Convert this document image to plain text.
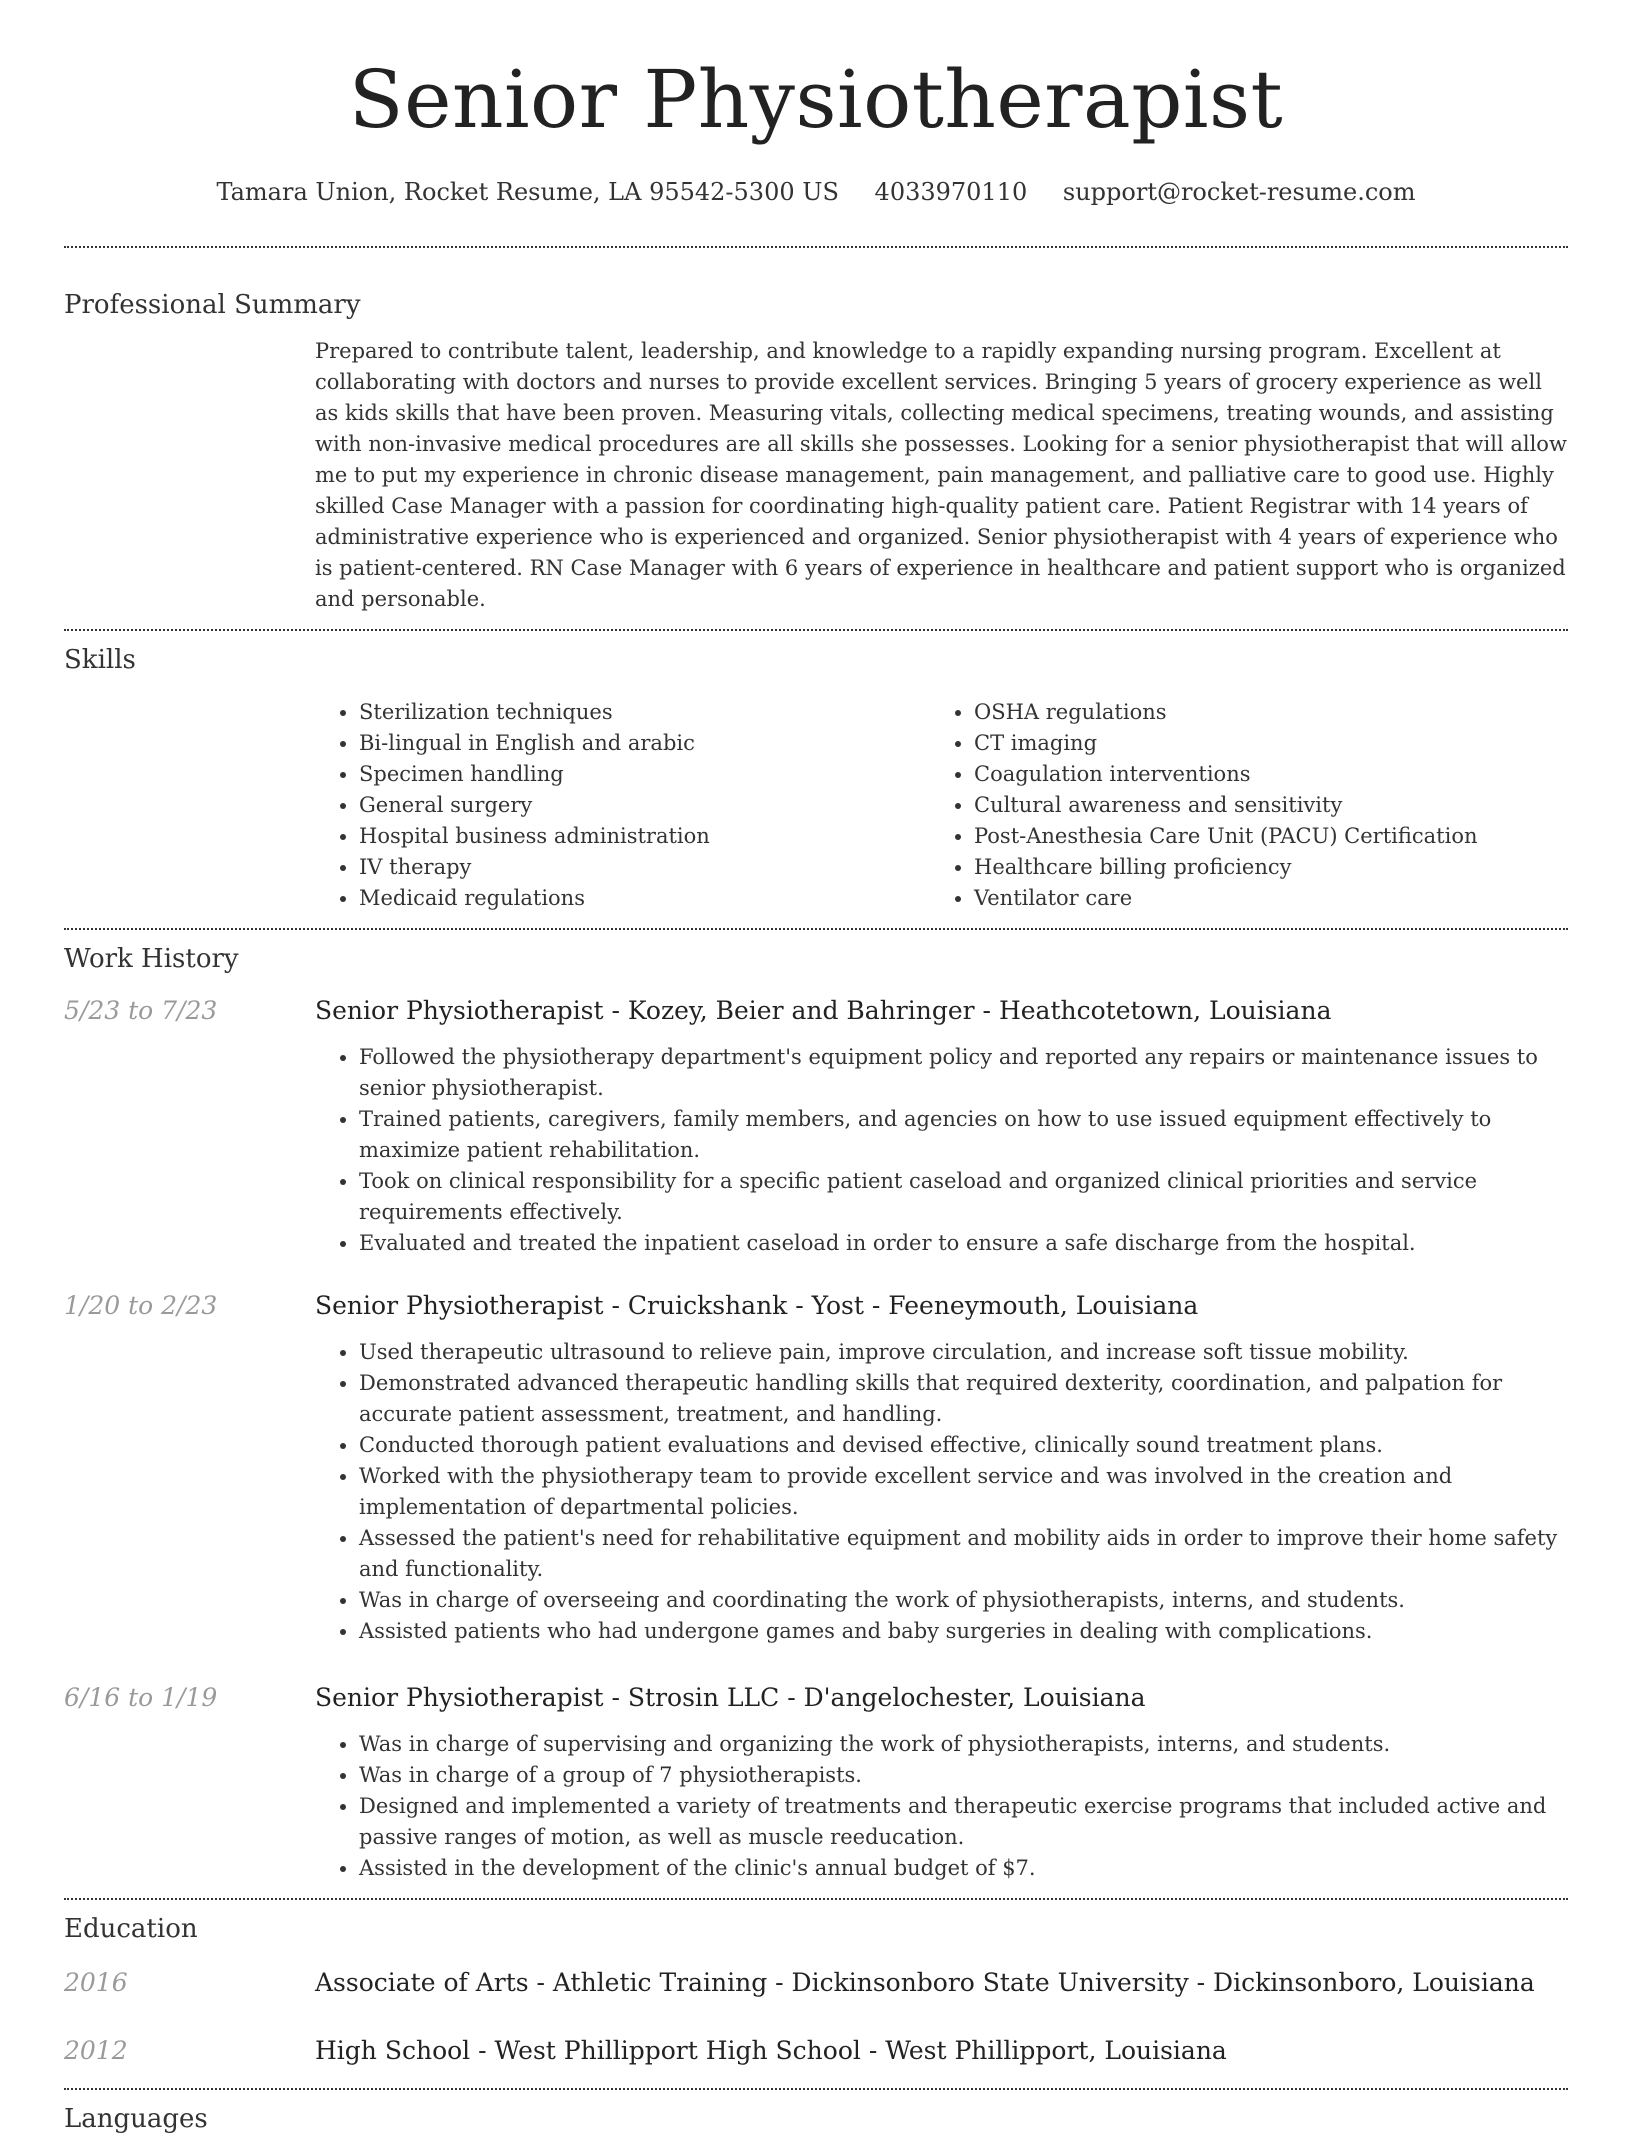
Senior Physiotherapist
Tamara Union, Rocket Resume, LA 95542-5300 US 4033970110 support@rocket-resume.com
Professional Summary

Prepared to contribute talent, leadership, and knowledge to a rapidly expanding nursing program. Excellent at collaborating with doctors and nurses to provide excellent services. Bringing 5 years of grocery experience as well as kids skills that have been proven. Measuring vitals, collecting medical specimens, treating wounds, and assisting with non-invasive medical procedures are all skills she possesses. Looking for a senior physiotherapist that will allow me to put my experience in chronic disease management, pain management, and palliative care to good use. Highly skilled Case Manager with a passion for coordinating high-quality patient care. Patient Registrar with 14 years of administrative experience who is experienced and organized. Senior physiotherapist with 4 years of experience who is patient-centered. RN Case Manager with 6 years of experience in healthcare and patient support who is organized and personable.

Skills
• Sterilization techniques
• Bi-lingual in English and arabic
• Specimen handling
• General surgery
• Hospital business administration
• IV therapy
• Medicaid regulations
• OSHA regulations
• CT imaging
• Coagulation interventions
• Cultural awareness and sensitivity
• Post-Anesthesia Care Unit (PACU) Certification
• Healthcare billing proficiency
• Ventilator care
Work History
5/23 to 7/23	Senior Physiotherapist - Kozey, Beier and Bahringer - Heathcotetown, Louisiana
• Followed the physiotherapy department's equipment policy and reported any repairs or maintenance issues to senior physiotherapist.
• Trained patients, caregivers, family members, and agencies on how to use issued equipment effectively to maximize patient rehabilitation.
• Took on clinical responsibility for a specific patient caseload and organized clinical priorities and service requirements effectively.
• Evaluated and treated the inpatient caseload in order to ensure a safe discharge from the hospital.
1/20 to 2/23	Senior Physiotherapist - Cruickshank - Yost - Feeneymouth, Louisiana
• Used therapeutic ultrasound to relieve pain, improve circulation, and increase soft tissue mobility.
• Demonstrated advanced therapeutic handling skills that required dexterity, coordination, and palpation for accurate patient assessment, treatment, and handling.
• Conducted thorough patient evaluations and devised effective, clinically sound treatment plans.
• Worked with the physiotherapy team to provide excellent service and was involved in the creation and implementation of departmental policies.
• Assessed the patient's need for rehabilitative equipment and mobility aids in order to improve their home safety and functionality.
• Was in charge of overseeing and coordinating the work of physiotherapists, interns, and students.
• Assisted patients who had undergone games and baby surgeries in dealing with complications.
6/16 to 1/19	Senior Physiotherapist - Strosin LLC - D'angelochester, Louisiana
• Was in charge of supervising and organizing the work of physiotherapists, interns, and students.
• Was in charge of a group of 7 physiotherapists.
• Designed and implemented a variety of treatments and therapeutic exercise programs that included active and passive ranges of motion, as well as muscle reeducation.
• Assisted in the development of the clinic's annual budget of $7.
Education
2016	Associate of Arts - Athletic Training - Dickinsonboro State University - Dickinsonboro, Louisiana
2012	High School - West Phillipport High School - West Phillipport, Louisiana
Languages
